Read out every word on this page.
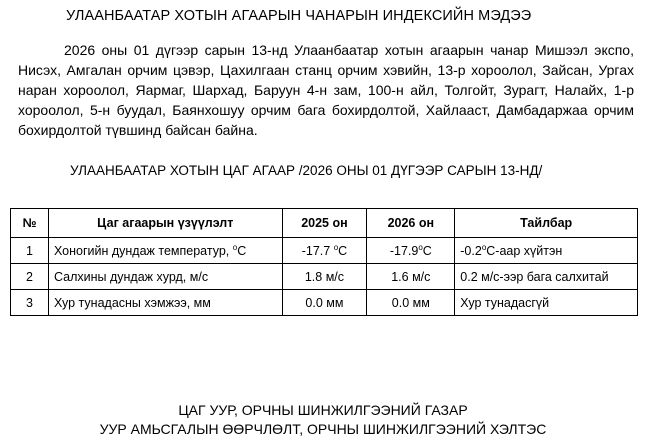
УЛААНБААТАР ХОТЫН АГААРЫН ЧАНАРЫН ИНДЕКСИЙН МЭДЭЭ
2026 оны 01 дүгээр сарын 13-нд Улаанбаатар хотын агаарын чанар Мишээл экспо, Нисэх, Амгалан орчим цэвэр, Цахилгаан станц орчим хэвийн, 13-р хороолол, Зайсан, Ургах наран хороолол, Яармаг, Шархад, Баруун 4-н зам, 100-н айл, Толгойт, Зурагт, Налайх, 1-р хороолол, 5-н буудал, Баянхошуу орчим бага бохирдолтой, Хайлааст, Дамбадаржаа орчим бохирдолтой түвшинд байсан байна.
УЛААНБААТАР ХОТЫН ЦАГ АГААР /2026 ОНЫ 01 ДҮГЭЭР САРЫН 13-НД/
№	Цаг агаарын үзүүлэлт	2025 он	2026 он	Тайлбар
1	Хоногийн дундаж температур, $^o$С	-17.7 $^o$С	-17.9$^o$С	-0.2$^o$С-аар хүйтэн
2	Салхины дундаж хурд, м/с	1.8 м/с	1.6 м/с	0.2 м/с-ээр бага салхитай
3	Хур тунадасны хэмжээ, мм	0.0 мм	0.0 мм	Хур тунадасгүй
ЦАГ УУР, ОРЧНЫ ШИНЖИЛГЭЭНИЙ ГАЗАР
УУР АМЬСГАЛЫН ӨӨРЧЛӨЛТ, ОРЧНЫ ШИНЖИЛГЭЭНИЙ ХЭЛТЭС
